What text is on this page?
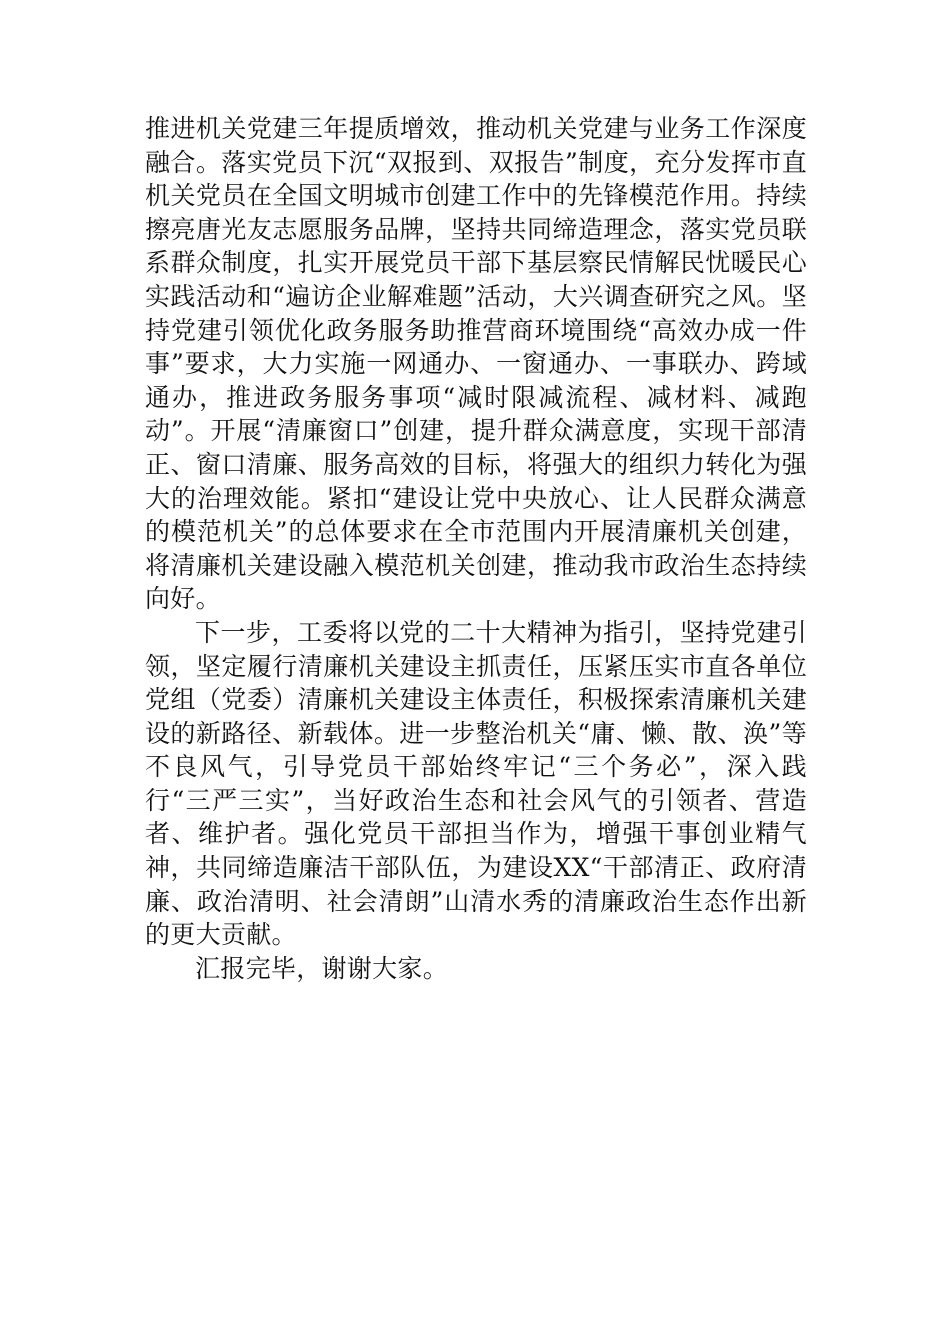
推进机关党建三年提质增效，推动机关党建与业务工作深度融合。落实党员下沉“双报到、双报告”制度，充分发挥市直机关党员在全国文明城市创建工作中的先锋模范作用。持续擦亮唐光友志愿服务品牌，坚持共同缔造理念，落实党员联系群众制度，扎实开展党员干部下基层察民情解民忧暖民心实践活动和“遍访企业解难题”活动，大兴调查研究之风。坚持党建引领优化政务服务助推营商环境围绕“高效办成一件事”要求，大力实施一网通办、一窗通办、一事联办、跨域通办，推进政务服务事项“减时限减流程、减材料、减跑动”。开展“清廉窗口”创建，提升群众满意度，实现干部清正、窗口清廉、服务高效的目标，将强大的组织力转化为强大的治理效能。紧扣“建设让党中央放心、让人民群众满意的模范机关”的总体要求在全市范围内开展清廉机关创建，将清廉机关建设融入模范机关创建，推动我市政治生态持续向好。

下一步，工委将以党的二十大精神为指引，坚持党建引领，坚定履行清廉机关建设主抓责任，压紧压实市直各单位党组（党委）清廉机关建设主体责任，积极探索清廉机关建设的新路径、新载体。进一步整治机关“庸、懒、散、涣”等不良风气，引导党员干部始终牢记“三个务必”，深入践行“三严三实”，当好政治生态和社会风气的引领者、营造者、维护者。强化党员干部担当作为，增强干事创业精气神，共同缔造廉洁干部队伍，为建设XX“干部清正、政府清廉、政治清明、社会清朗”山清水秀的清廉政治生态作出新的更大贡献。

汇报完毕，谢谢大家。
